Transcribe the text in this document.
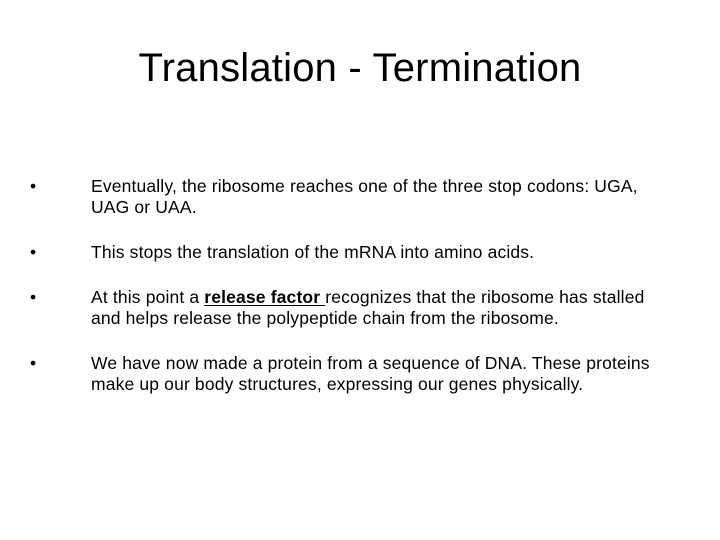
Translation - Termination
•	Eventually, the ribosome reaches one of the three stop codons: UGA, UAG or UAA.
•	This stops the translation of the mRNA into amino acids.
•	At this point a release factor recognizes that the ribosome has stalled and helps release the polypeptide chain from the ribosome.
•	We have now made a protein from a sequence of DNA. These proteins make up our body structures, expressing our genes physically.
